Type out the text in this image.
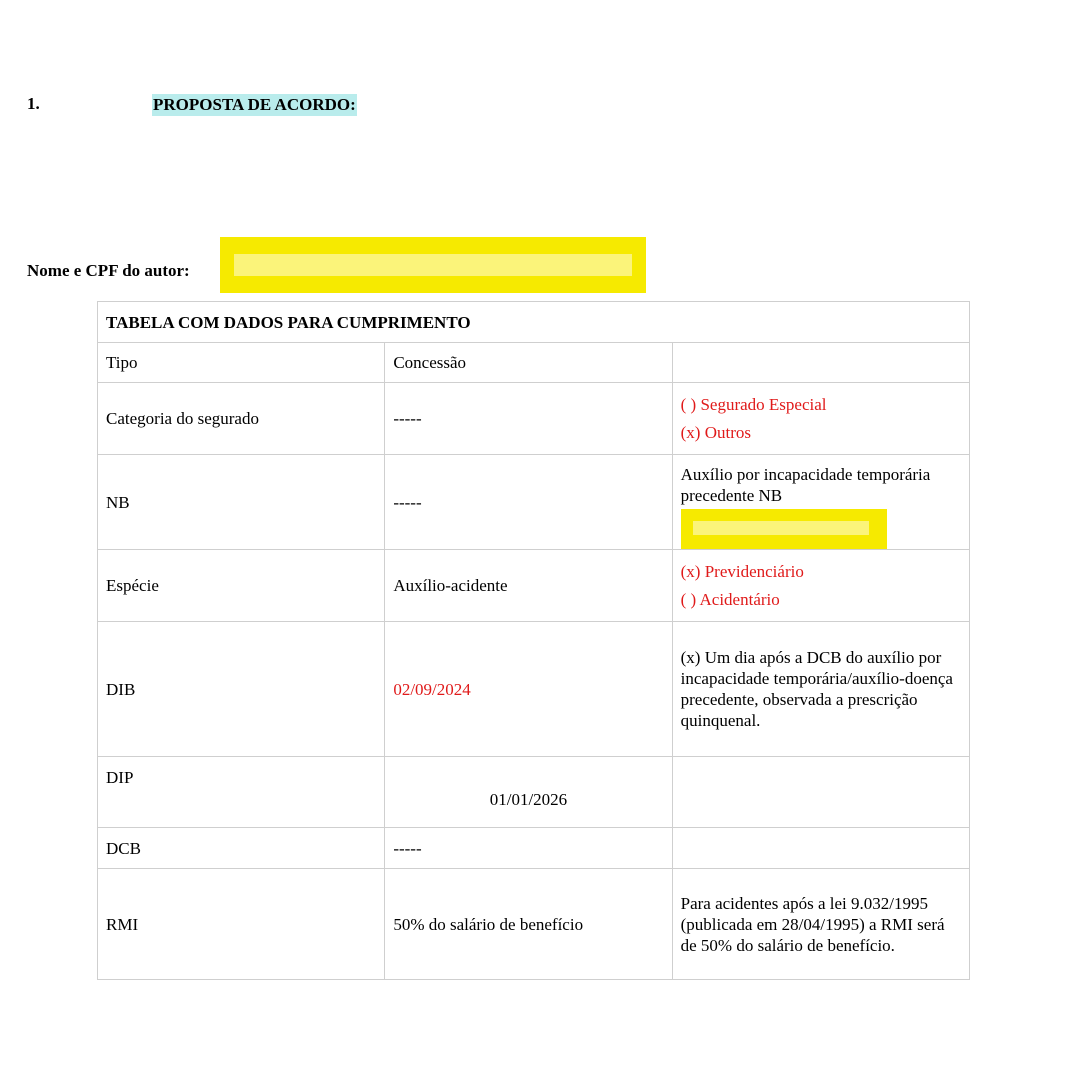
1.	PROPOSTA DE ACORDO:
Nome e CPF do autor:
TABELA COM DADOS PARA CUMPRIMENTO		
Tipo	Concessão	
Categoria do segurado	-----	( ) Segurado Especial
(x) Outros

NB	-----	Auxílio por incapacidade temporária precedente NB

Espécie	Auxílio-acidente	(x) Previdenciário
( ) Acidentário

DIB	02/09/2024	(x) Um dia após a DCB do auxílio por incapacidade temporária/auxílio-doença precedente, observada a prescrição quinquenal.
DIP	01/01/2026	
DCB	-----	
RMI	50% do salário de benefício	Para acidentes após a lei 9.032/1995 (publicada em 28/04/1995) a RMI será de 50% do salário de benefício.
